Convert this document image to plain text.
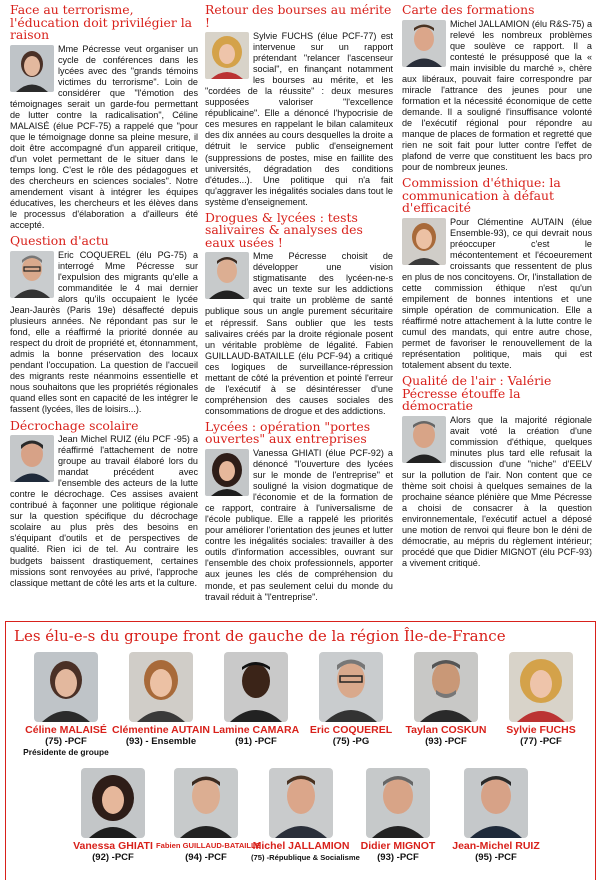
Face au terrorisme, l'éducation doit privilégier la raison

Mme Pécresse veut organiser un cycle de conférences dans les lycées avec des "grands témoins victimes du terrorisme". Loin de considérer que "l'émotion des témoignages serait un garde-fou permettant de lutter contre la radicalisation", Céline MALAISÉ (élue PCF-75) a rappelé que "pour que le témoignage donne sa pleine mesure, il doit être accompagné d'un appareil critique, d'un volet permettant de le situer dans le temps long. C'est le rôle des pédagogues et des chercheurs en sciences sociales". Notre amendement visant à intégrer les équipes éducatives, les chercheurs et les élèves dans le processus d'élaboration a d'ailleurs été accepté.

Question d'actu

Eric COQUEREL (élu PG-75) a interrogé Mme Pécresse sur l'expulsion des migrants qu'elle a commanditée le 4 mai dernier alors qu'ils occupaient le lycée Jean-Jaurès (Paris 19e) désaffecté depuis plusieurs années. Ne répondant pas sur le fond, elle a réaffirmé la priorité donnée au respect du droit de propriété et, étonnamment, admis la bonne préservation des locaux pendant l'occupation. La question de l'accueil des migrants reste néanmoins essentielle et nous souhaitons que les propriétés régionales quand elles sont en capacité de les intégrer le fassent (lycées, îles de loisirs...).

Décrochage scolaire

Jean Michel RUIZ (élu PCF -95) a réaffirmé l'attachement de notre groupe au travail élaboré lors du mandat précédent avec l'ensemble des acteurs de la lutte contre le décrochage. Ces assises avaient contribué à façonner une politique régionale sur la question spécifique du décrochage scolaire au plus près des besoins en s'équipant d'outils et de perspectives de qualité. Rien ici de tel. Au contraire les budgets baissent drastiquement, certaines missions sont renvoyées au privé, l'approche classique mettant de côté les arts et la culture.

Retour des bourses au mérite !

Sylvie FUCHS (élue PCF-77) est intervenue sur un rapport prétendant "relancer l'ascenseur social", en finançant notamment les bourses au mérite, et les "cordées de la réussite" : deux mesures supposées valoriser "l'excellence républicaine". Elle a dénoncé l'hypocrisie de ces mesures en rappelant le bilan calamiteux des dix années au cours desquelles la droite a détruit le service public d'enseignement (suppressions de postes, mise en faillite des universités, dégradation des conditions d'études...). Une politique qui n'a fait qu'aggraver les inégalités sociales dans tout le système d'enseignement.

Drogues & lycées : tests salivaires & analyses des eaux usées !

Mme Pécresse choisit de développer une vision stigmatisante des lycéen-ne-s avec un texte sur les addictions qui traite un problème de santé publique sous un angle purement sécuritaire et répressif. Sans oublier que les tests salivaires créés par la droite régionale posent un véritable problème de légalité. Fabien GUILLAUD-BATAILLE (élu PCF-94) a critiqué ces logiques de surveillance-répression mettant de côté la prévention et pointé l'erreur de l'exécutif à se désintéresser d'une compréhension des causes sociales des consommations de drogue et des addictions.

Lycées : opération "portes ouvertes" aux entreprises

Vanessa GHIATI (élue PCF-92) a dénoncé "l'ouverture des lycées sur le monde de l'entreprise" et souligné la vision dogmatique de l'économie et de la formation de ce rapport, contraire à l'universalisme de l'école publique. Elle a rappelé les priorités pour améliorer l'orientation des jeunes et lutter contre les inégalités sociales: travailler à des outils d'information accessibles, ouvrant sur l'ensemble des choix professionnels, apporter aux jeunes les clés de compréhension du monde, et pas seulement celui du monde du travail réduit à "l'entreprise".

Carte des formations

Michel JALLAMION (élu R&S-75) a relevé les nombreux problèmes que soulève ce rapport. Il a contesté le présupposé que la « main invisible du marché », chère aux libéraux, pouvait faire correspondre par miracle l'attrance des jeunes pour une formation et la nécessité économique de cette demande. Il a souligné l'insuffisance volonté de l'exécutif régional pour répondre au manque de places de formation et regretté que rien ne soit fait pour lutter contre l'effet de plafond de verre que constituent les bacs pro pour de nombreux jeunes.

Commission d'éthique: la communication à défaut d'efficacité

Pour Clémentine AUTAIN (élue Ensemble-93), ce qui devrait nous préoccuper c'est le mécontentement et l'écoeurement croissants que ressentent de plus en plus de nos concitoyens. Or, l'installation de cette commission éthique n'est qu'un empilement de bonnes intentions et une simple opération de communication. Elle a réaffirmé notre attachement à la lutte contre le cumul des mandats, qui entre autre chose, permet de favoriser le renouvellement de la représentation politique, mais qui est totalement absent du texte.

Qualité de l'air : Valérie Pécresse étouffe la démocratie

Alors que la majorité régionale avait voté la création d'une commission d'éthique, quelques minutes plus tard elle refusait la discussion d'une "niche" d'EELV sur la pollution de l'air. Non content que ce thème soit choisi à quelques semaines de la prochaine séance plénière que Mme Pécresse a choisi de consacrer à la question environnementale, l'exécutif actuel a déposé une motion de renvoi qui fleure bon le déni de démocratie, au mépris du règlement intérieur; procédé que que Didier MIGNOT (élu PCF-93) a vivement critiqué.

Les élu-e-s du groupe front de gauche de la région Île-de-France
Céline MALAISÉ
(75) -PCF
Présidente de groupe
Clémentine AUTAIN
(93) - Ensemble
Lamine CAMARA
(91) -PCF
Eric COQUEREL
(75) -PG
Taylan COSKUN
(93) -PCF
Sylvie FUCHS
(77) -PCF
Vanessa GHIATI
(92) -PCF
Fabien GUILLAUD-BATAILLE
(94) -PCF
Michel JALLAMION
(75) -République & Socialisme
Didier MIGNOT
(93) -PCF
Jean-Michel RUIZ
(95) -PCF
